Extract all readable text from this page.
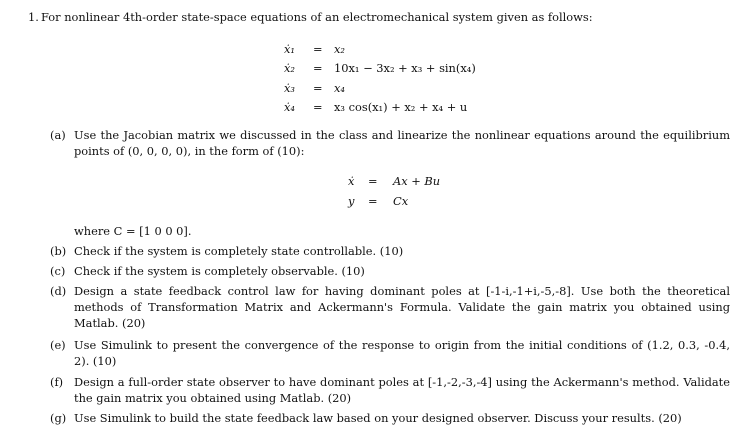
1. For nonlinear 4th-order state-space equations of an electromechanical system given as follows:
ẋ₁ = x₂
ẋ₂ = 10x₁ − 3x₂ + x₃ + sin(x₄)
ẋ₃ = x₄
ẋ₄ = x₃ cos(x₁) + x₂ + x₄ + u
(a) Use the Jacobian matrix we discussed in the class and linearize the nonlinear equations around the equilibrium points of (0, 0, 0, 0), in the form of (10):
ẋ = Ax + Bu
y = Cx
where C = [1 0 0 0].
(b) Check if the system is completely state controllable. (10)
(c) Check if the system is completely observable. (10)
(d) Design a state feedback control law for having dominant poles at [-1-i,-1+i,-5,-8]. Use both the theoretical methods of Transformation Matrix and Ackermann's Formula. Validate the gain matrix you obtained using Matlab. (20)
(e) Use Simulink to present the convergence of the response to origin from the initial conditions of (1.2, 0.3, -0.4, 2). (10)
(f) Design a full-order state observer to have dominant poles at [-1,-2,-3,-4] using the Ackermann's method. Validate the gain matrix you obtained using Matlab. (20)
(g) Use Simulink to build the state feedback law based on your designed observer. Discuss your results. (20)
